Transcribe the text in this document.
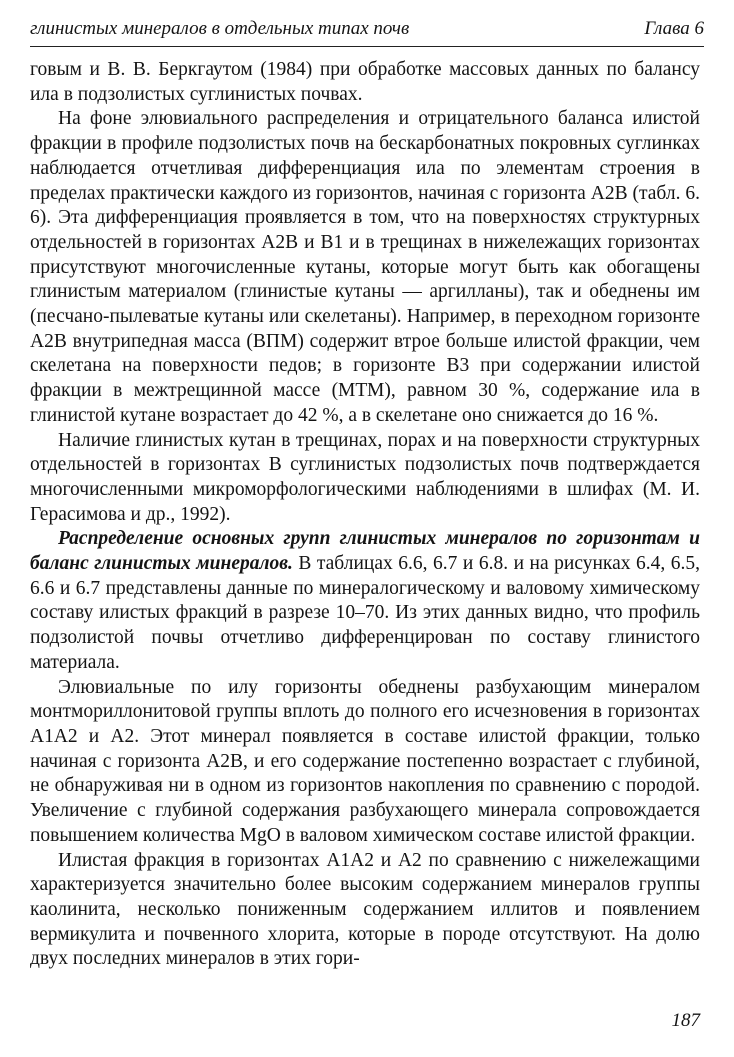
глинистых минералов в отдельных типах почв	Глава 6

говым и В. В. Беркгаутом (1984) при обработке массовых данных по балансу ила в подзолистых суглинистых почвах.

На фоне элювиального распределения и отрицательного баланса илистой фракции в профиле подзолистых почв на бескарбонатных покровных суглинках наблюдается отчетливая дифференциация ила по элементам строения в пределах практически каждого из горизонтов, начиная с горизонта А2В (табл. 6. 6). Эта дифференциация проявляется в том, что на поверхностях структурных отдельностей в горизонтах А2В и В1 и в трещинах в нижележащих горизонтах присутствуют многочисленные кутаны, которые могут быть как обогащены глинистым материалом (глинистые кутаны — аргилланы), так и обеднены им (песчано-пылеватые кутаны или скелетаны). Например, в переходном горизонте А2В внутрипедная масса (ВПМ) содержит втрое больше илистой фракции, чем скелетана на поверхности педов; в горизонте В3 при содержании илистой фракции в межтрещинной массе (МТМ), равном 30 %, содержание ила в глинистой кутане возрастает до 42 %, а в скелетане оно снижается до 16 %.

Наличие глинистых кутан в трещинах, порах и на поверхности структурных отдельностей в горизонтах В суглинистых подзолистых почв подтверждается многочисленными микроморфологическими наблюдениями в шлифах (М. И. Герасимова и др., 1992).

Распределение основных групп глинистых минералов по горизонтам и баланс глинистых минералов. В таблицах 6.6, 6.7 и 6.8. и на рисунках 6.4, 6.5, 6.6 и 6.7 представлены данные по минералогическому и валовому химическому составу илистых фракций в разрезе 10–70. Из этих данных видно, что профиль подзолистой почвы отчетливо дифференцирован по составу глинистого материала.

Элювиальные по илу горизонты обеднены разбухающим минералом монтмориллонитовой группы вплоть до полного его исчезновения в горизонтах А1А2 и А2. Этот минерал появляется в составе илистой фракции, только начиная с горизонта А2В, и его содержание постепенно возрастает с глубиной, не обнаруживая ни в одном из горизонтов накопления по сравнению с породой. Увеличение с глубиной содержания разбухающего минерала сопровождается повышением количества MgO в валовом химическом составе илистой фракции.

Илистая фракция в горизонтах А1А2 и А2 по сравнению с нижележащими характеризуется значительно более высоким содержанием минералов группы каолинита, несколько пониженным содержанием иллитов и появлением вермикулита и почвенного хлорита, которые в породе отсутствуют. На долю двух последних минералов в этих гори-

187
